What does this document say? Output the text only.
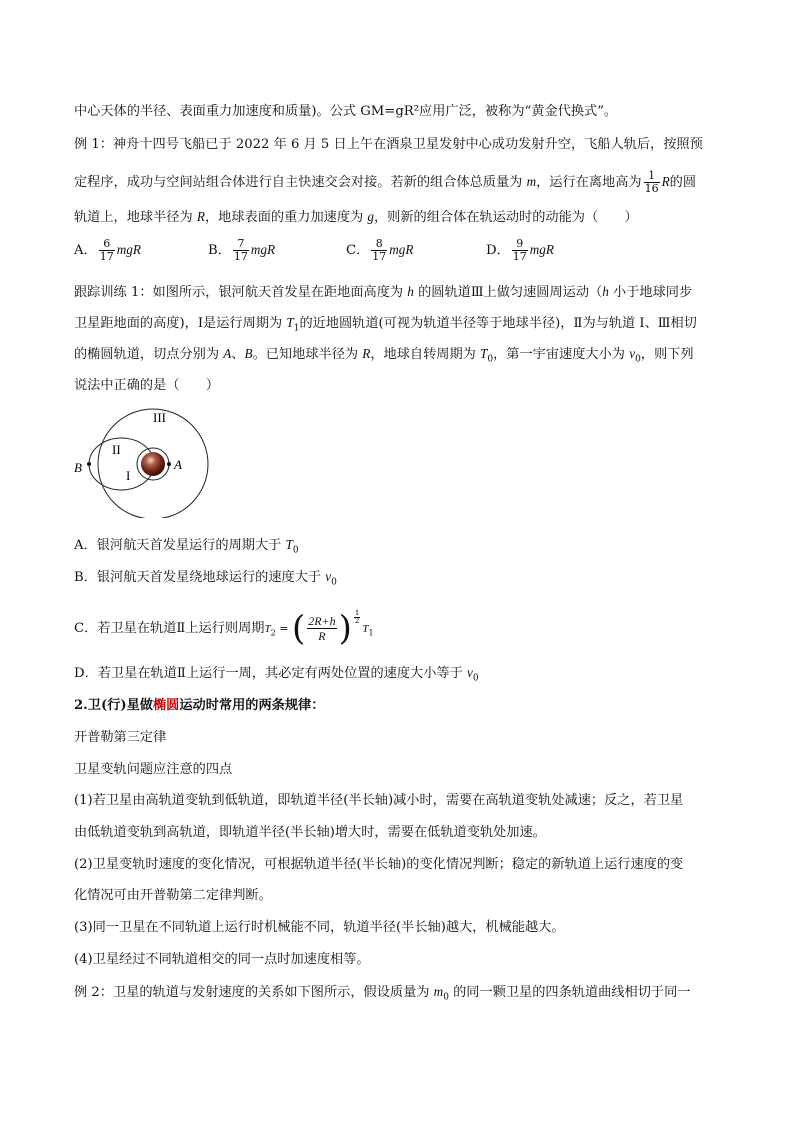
中心天体的半径、表面重力加速度和质量)。公式 GM=gR²应用广泛，被称为“黄金代换式”。
例 1：神舟十四号飞船已于 2022 年 6 月 5 日上午在酒泉卫星发射中心成功发射升空，飞船人轨后，按照预
定程序，成功与空间站组合体进行自主快速交会对接。若新的组合体总质量为 m，运行在离地高为 $\frac{1}{16}$ R的圆
轨道上，地球半径为 R，地球表面的重力加速度为 g，则新的组合体在轨运动时的动能为（　　）
A． $\frac{6}{17}$ mgR	B． $\frac{7}{17}$ mgR	C． $\frac{8}{17}$ mgR	D． $\frac{9}{17}$ mgR
跟踪训练 1：如图所示，银河航天首发星在距地面高度为 h 的圆轨道Ⅲ上做匀速圆周运动（h 小于地球同步
卫星距地面的高度)，I是运行周期为 $T_1$的近地圆轨道(可视为轨道半径等于地球半径)，Ⅱ为与轨道 I、Ⅲ相切
的椭圆轨道，切点分别为 A、B。已知地球半径为 R，地球自转周期为 $T_0$，第一宇宙速度大小为 $v_0$，则下列
说法中正确的是（　　）
III
II
I
A
B
A．银河航天首发星运行的周期大于 $T_0$
B．银河航天首发星绕地球运行的速度大于 $v_0$
C．若卫星在轨道Ⅱ上运行则周期$T_2$ = ( $\frac{2R+h}{R}$ ) $\frac{1}{2}$
$T_1$
D．若卫星在轨道Ⅱ上运行一周，其必定有两处位置的速度大小等于 $v_0$
2.卫(行)星做椭圆运动时常用的两条规律：
开普勒第三定律
卫星变轨问题应注意的四点
(1)若卫星由高轨道变轨到低轨道，即轨道半径(半长轴)减小时，需要在高轨道变轨处减速；反之，若卫星
由低轨道变轨到高轨道，即轨道半径(半长轴)增大时，需要在低轨道变轨处加速。
(2)卫星变轨时速度的变化情况，可根据轨道半径(半长轴)的变化情况判断；稳定的新轨道上运行速度的变
化情况可由开普勒第二定律判断。
(3)同一卫星在不同轨道上运行时机械能不同，轨道半径(半长轴)越大，机械能越大。
(4)卫星经过不同轨道相交的同一点时加速度相等。
例 2：卫星的轨道与发射速度的关系如下图所示，假设质量为 $m_0$ 的同一颗卫星的四条轨道曲线相切于同一
